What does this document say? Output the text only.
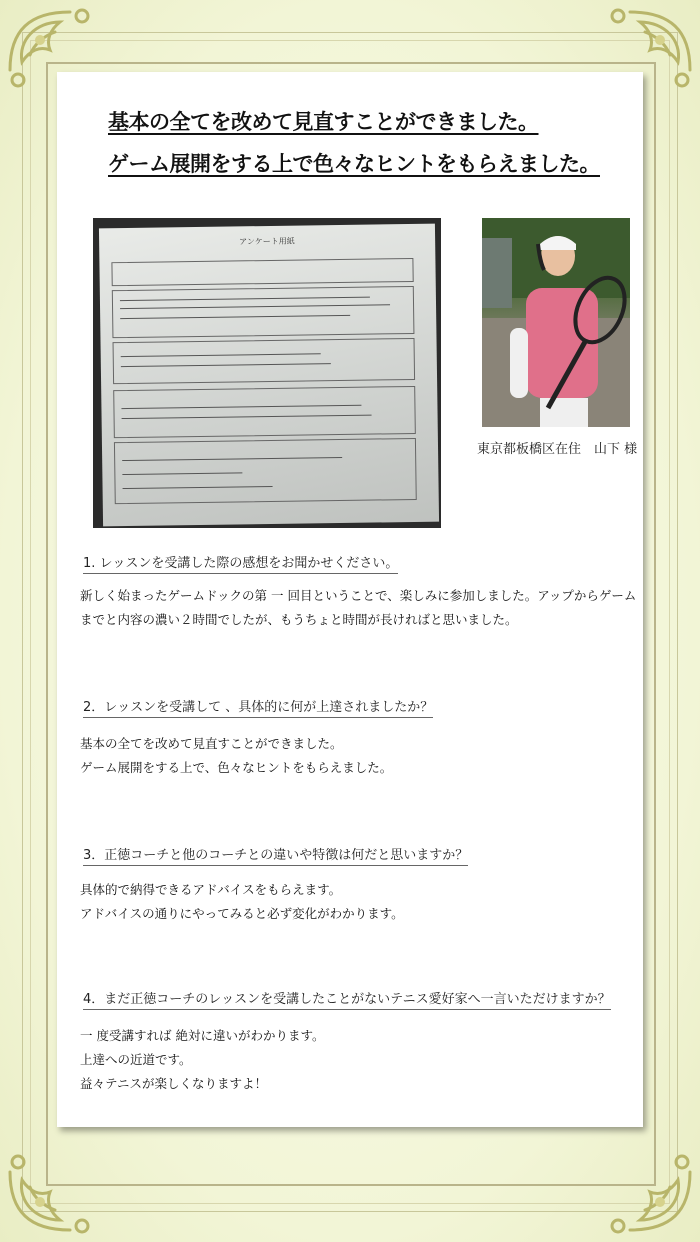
基本の全てを改めて見直すことができました。
ゲーム展開をする上で色々なヒントをもらえました。
アンケート用紙
東京都板橋区在住　山下 様
1. レッスンを受講した際の感想をお聞かせください。
新しく始まったゲームドックの第 一 回目ということで、楽しみに参加しました。アップからゲーム
までと内容の濃い２時間でしたが、もうちょと時間が長ければと思いました。
2．レッスンを受講して 、具体的に何が上達されましたか？
基本の全てを改めて見直すことができました。
ゲーム展開をする上で、色々なヒントをもらえました。
3．正徳コーチと他のコーチとの違いや特徴は何だと思いますか？
具体的で納得できるアドバイスをもらえます。
アドバイスの通りにやってみると必ず変化がわかります。
4．まだ正徳コーチのレッスンを受講したことがないテニス愛好家へ一言いただけますか？
一 度受講すれば 絶対に違いがわかります。
上達への近道です。
益々テニスが楽しくなりますよ！
